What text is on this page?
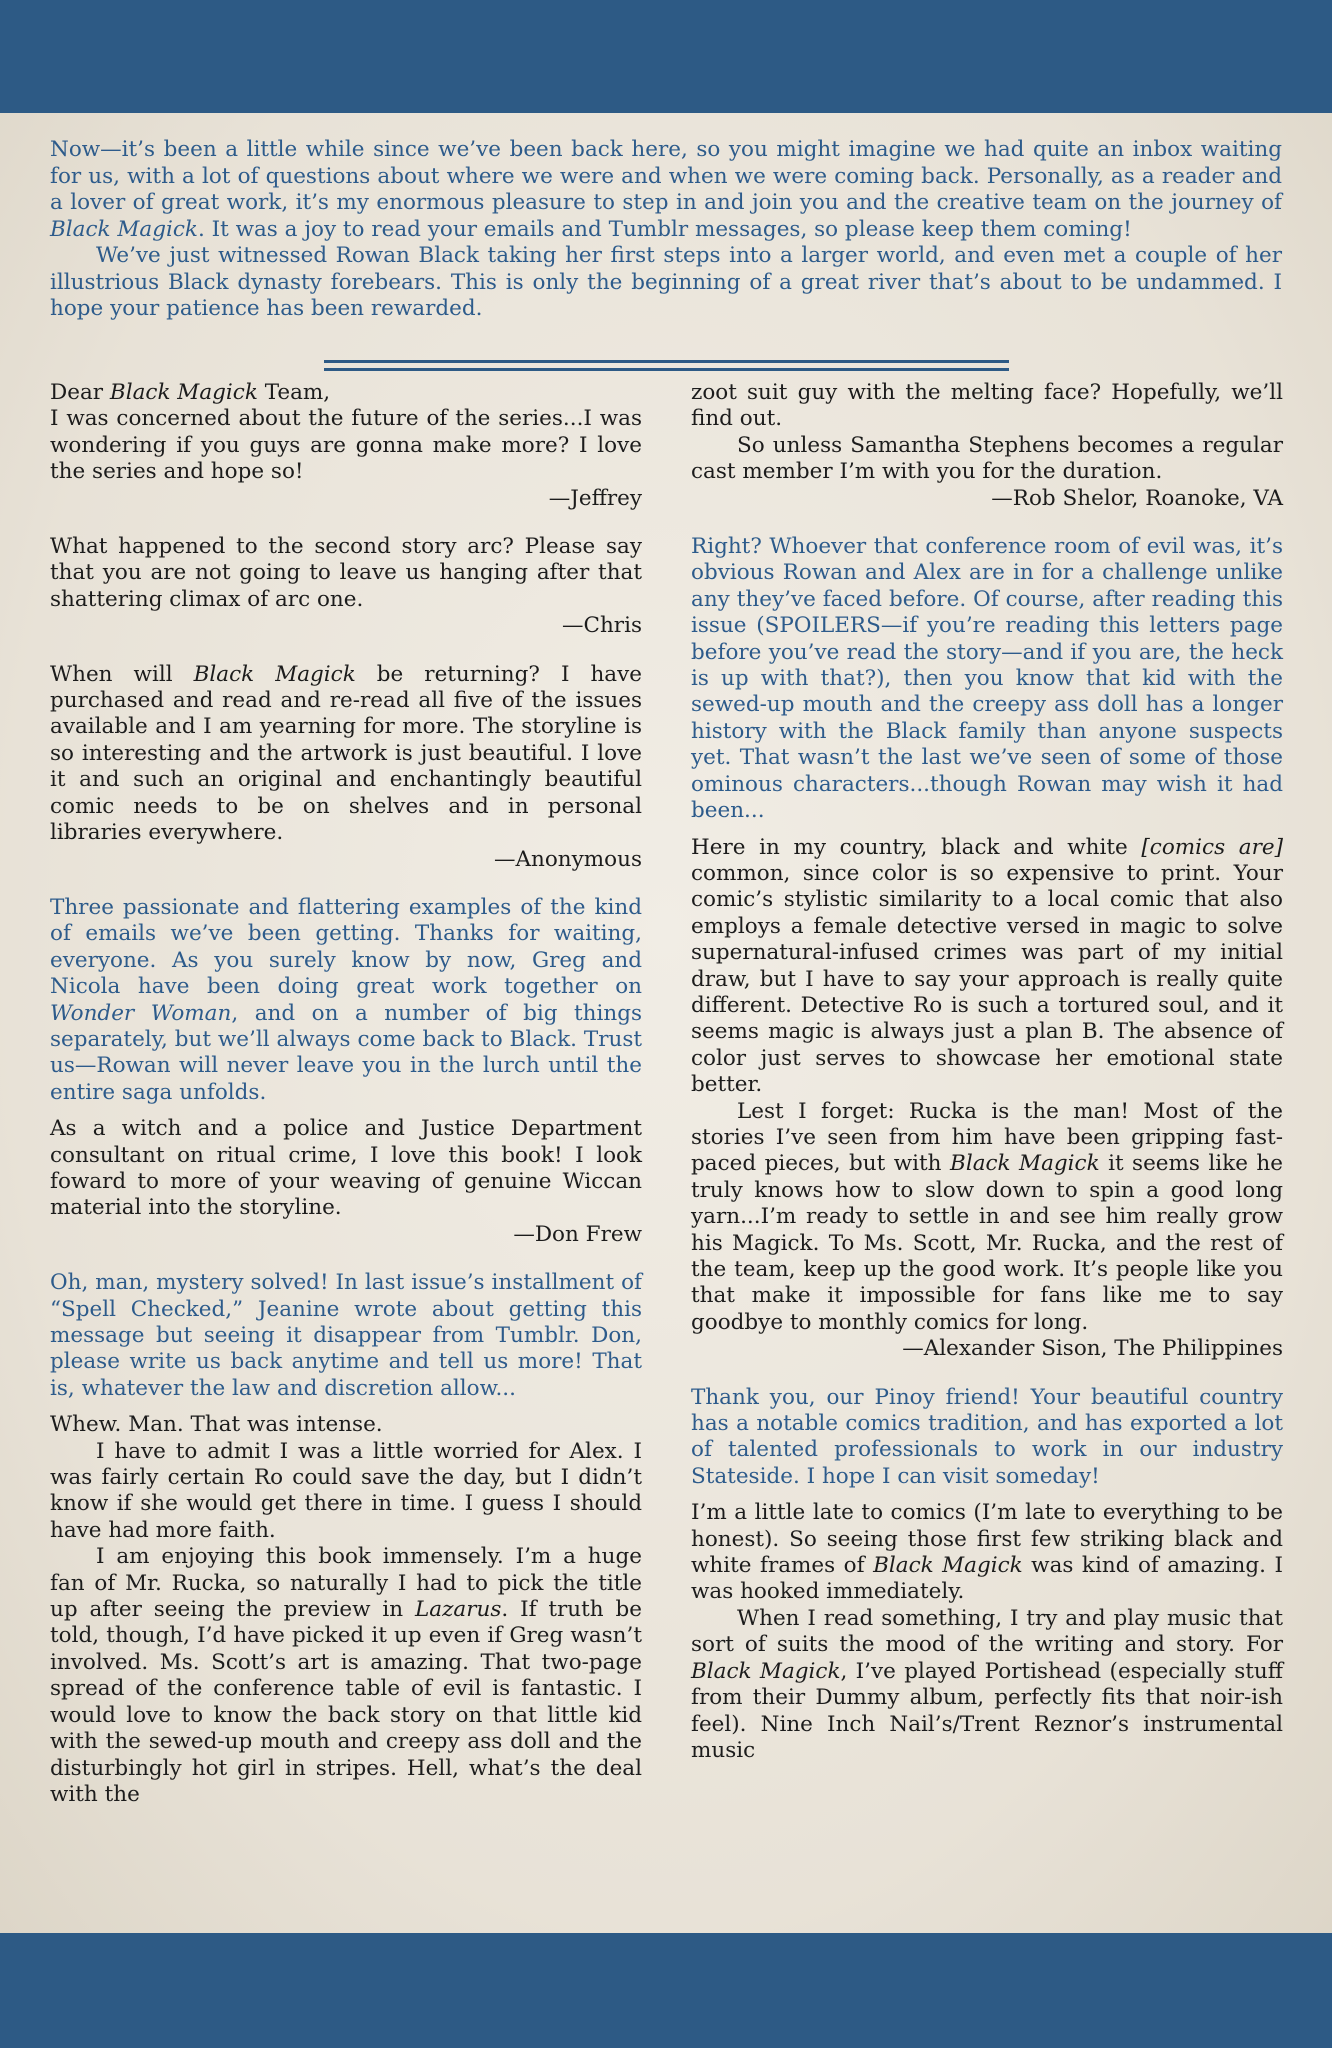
Now—it’s been a little while since we’ve been back here, so you might imagine we had quite an inbox waiting for us, with a lot of questions about where we were and when we were coming back. Personally, as a reader and a lover of great work, it’s my enormous pleasure to step in and join you and the creative team on the journey of Black Magick. It was a joy to read your emails and Tumblr messages, so please keep them coming!

We’ve just witnessed Rowan Black taking her first steps into a larger world, and even met a couple of her illustrious Black dynasty forebears. This is only the beginning of a great river that’s about to be undammed. I hope your patience has been rewarded.

Dear Black Magick Team,

I was concerned about the future of the series...I was wondering if you guys are gonna make more? I love the series and hope so!

—Jeffrey

What happened to the second story arc? Please say that you are not going to leave us hanging after that shattering climax of arc one.

—Chris

When will Black Magick be returning? I have purchased and read and re-read all five of the issues available and I am yearning for more. The storyline is so interesting and the artwork is just beautiful. I love it and such an original and enchantingly beautiful comic needs to be on shelves and in personal libraries everywhere.

—Anonymous

Three passionate and flattering examples of the kind of emails we’ve been getting. Thanks for waiting, everyone. As you surely know by now, Greg and Nicola have been doing great work together on Wonder Woman, and on a number of big things separately, but we’ll always come back to Black. Trust us—Rowan will never leave you in the lurch until the entire saga unfolds.

As a witch and a police and Justice Department consultant on ritual crime, I love this book! I look foward to more of your weaving of genuine Wiccan material into the storyline.

—Don Frew

Oh, man, mystery solved! In last issue’s installment of “Spell Checked,” Jeanine wrote about getting this message but seeing it disappear from Tumblr. Don, please write us back anytime and tell us more! That is, whatever the law and discretion allow...

Whew. Man. That was intense.

I have to admit I was a little worried for Alex. I was fairly certain Ro could save the day, but I didn’t know if she would get there in time. I guess I should have had more faith.

I am enjoying this book immensely. I’m a huge fan of Mr. Rucka, so naturally I had to pick the title up after seeing the preview in Lazarus. If truth be told, though, I’d have picked it up even if Greg wasn’t involved. Ms. Scott’s art is amazing. That two-page spread of the conference table of evil is fantastic. I would love to know the back story on that little kid with the sewed-up mouth and creepy ass doll and the disturbingly hot girl in stripes. Hell, what’s the deal with the

zoot suit guy with the melting face? Hopefully, we’ll find out.

So unless Samantha Stephens becomes a regular cast member I’m with you for the duration.

—Rob Shelor, Roanoke, VA

Right? Whoever that conference room of evil was, it’s obvious Rowan and Alex are in for a challenge unlike any they’ve faced before. Of course, after reading this issue (SPOILERS—if you’re reading this letters page before you’ve read the story—and if you are, the heck is up with that?), then you know that kid with the sewed-up mouth and the creepy ass doll has a longer history with the Black family than anyone suspects yet. That wasn’t the last we’ve seen of some of those ominous characters...though Rowan may wish it had been...

Here in my country, black and white [comics are] common, since color is so expensive to print. Your comic’s stylistic similarity to a local comic that also employs a female detective versed in magic to solve supernatural-infused crimes was part of my initial draw, but I have to say your approach is really quite different. Detective Ro is such a tortured soul, and it seems magic is always just a plan B. The absence of color just serves to showcase her emotional state better.

Lest I forget: Rucka is the man! Most of the stories I’ve seen from him have been gripping fast-paced pieces, but with Black Magick it seems like he truly knows how to slow down to spin a good long yarn...I’m ready to settle in and see him really grow his Magick. To Ms. Scott, Mr. Rucka, and the rest of the team, keep up the good work. It’s people like you that make it impossible for fans like me to say goodbye to monthly comics for long.

—Alexander Sison, The Philippines

Thank you, our Pinoy friend! Your beautiful country has a notable comics tradition, and has exported a lot of talented professionals to work in our industry Stateside. I hope I can visit someday!

I’m a little late to comics (I’m late to everything to be honest). So seeing those first few striking black and white frames of Black Magick was kind of amazing. I was hooked immediately.

When I read something, I try and play music that sort of suits the mood of the writing and story. For Black Magick, I’ve played Portishead (especially stuff from their Dummy album, perfectly fits that noir-ish feel). Nine Inch Nail’s/Trent Reznor’s instrumental music
